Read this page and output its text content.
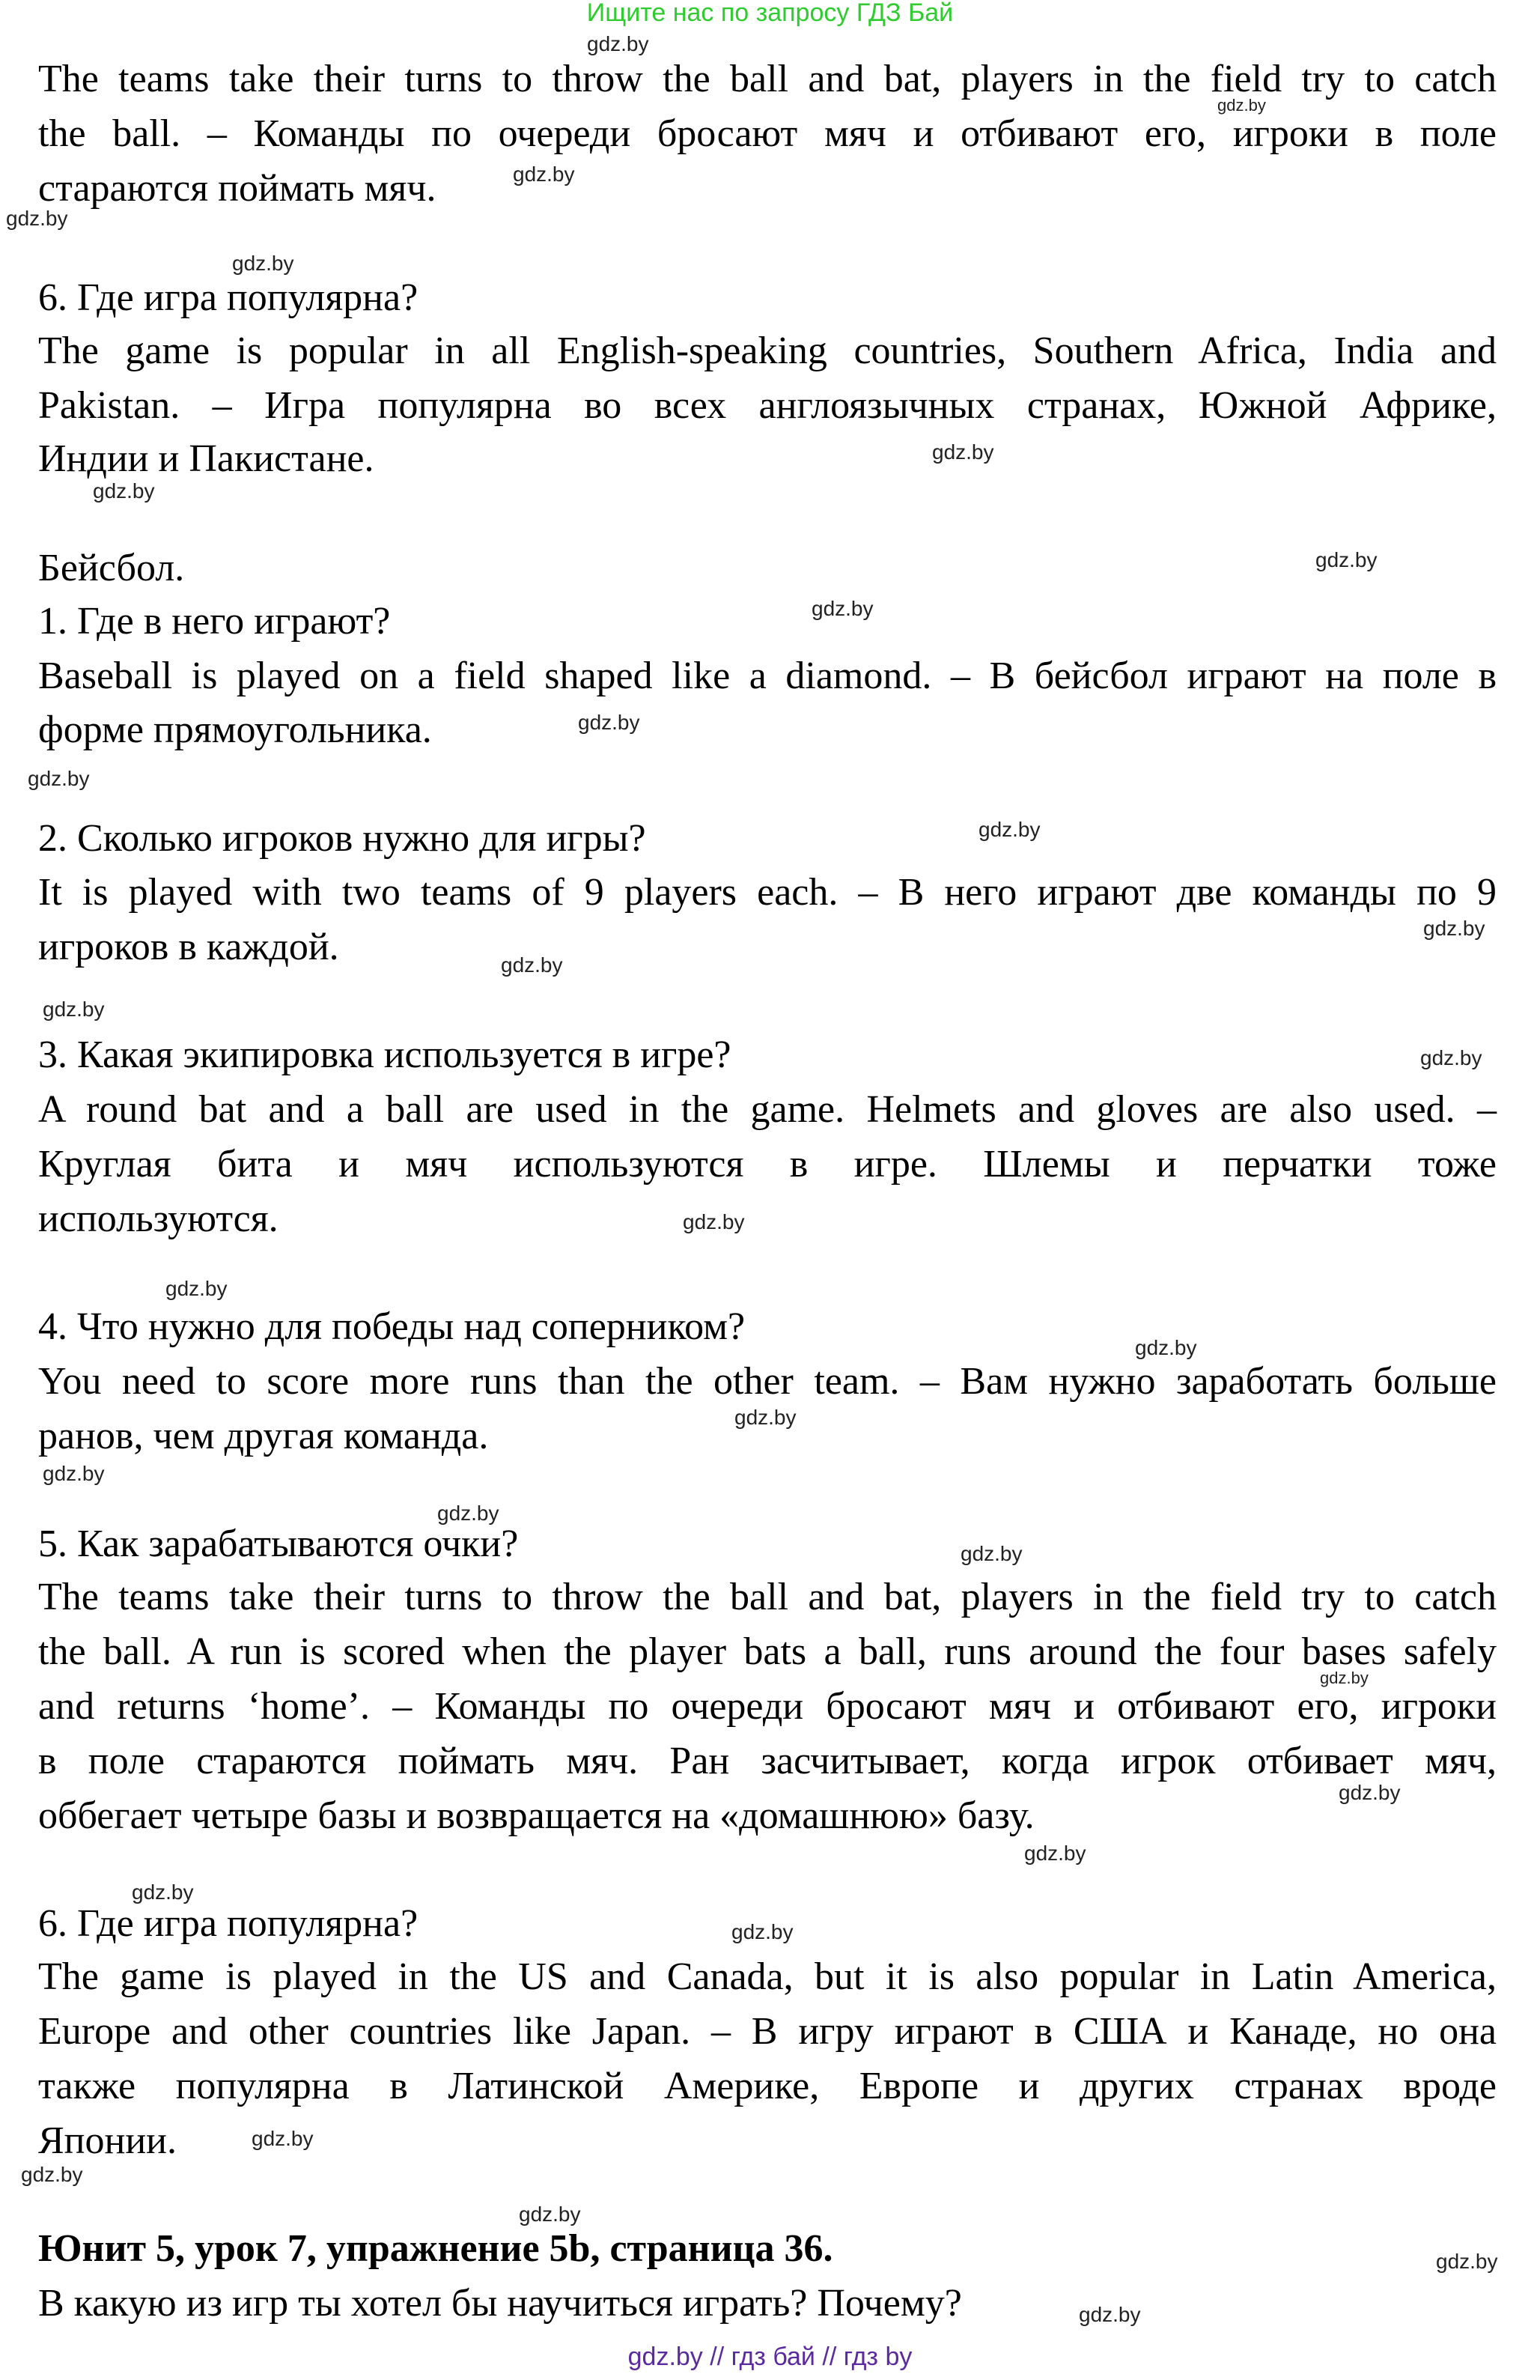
Ищите нас по запросу ГДЗ Бай
The teams take their turns to throw the ball and bat, players in the field try to catch
the ball. – Команды по очереди бросают мяч и отбивают его, игроки в поле
стараются поймать мяч.
6. Где игра популярна?
The game is popular in all English-speaking countries, Southern Africa, India and
Pakistan. – Игра популярна во всех англоязычных странах, Южной Африке,
Индии и Пакистане.
Бейсбол.
1. Где в него играют?
Baseball is played on a field shaped like a diamond. – В бейсбол играют на поле в
форме прямоугольника.
2. Сколько игроков нужно для игры?
It is played with two teams of 9 players each. – В него играют две команды по 9
игроков в каждой.
3. Какая экипировка используется в игре?
A round bat and a ball are used in the game. Helmets and gloves are also used. –
Круглая бита и мяч используются в игре. Шлемы и перчатки тоже
используются.
4. Что нужно для победы над соперником?
You need to score more runs than the other team. – Вам нужно заработать больше
ранов, чем другая команда.
5. Как зарабатываются очки?
The teams take their turns to throw the ball and bat, players in the field try to catch
the ball. A run is scored when the player bats a ball, runs around the four bases safely
and returns ‘home’. – Команды по очереди бросают мяч и отбивают его, игроки
в поле стараются поймать мяч. Ран засчитывает, когда игрок отбивает мяч,
оббегает четыре базы и возвращается на «домашнюю» базу.
6. Где игра популярна?
The game is played in the US and Canada, but it is also popular in Latin America,
Europe and other countries like Japan. – В игру играют в США и Канаде, но она
также популярна в Латинской Америке, Европе и других странах вроде
Японии.
Юнит 5, урок 7, упражнение 5b, страница 36.
В какую из игр ты хотел бы научиться играть? Почему?
gdz.by
gdz.by
gdz.by
gdz.by
gdz.by
gdz.by
gdz.by
gdz.by
gdz.by
gdz.by
gdz.by
gdz.by
gdz.by
gdz.by
gdz.by
gdz.by
gdz.by
gdz.by
gdz.by
gdz.by
gdz.by
gdz.by
gdz.by
gdz.by
gdz.by
gdz.by
gdz.by
gdz.by
gdz.by
gdz.by
gdz.by
gdz.by
gdz.by
gdz.by // гдз бай // гдз by
